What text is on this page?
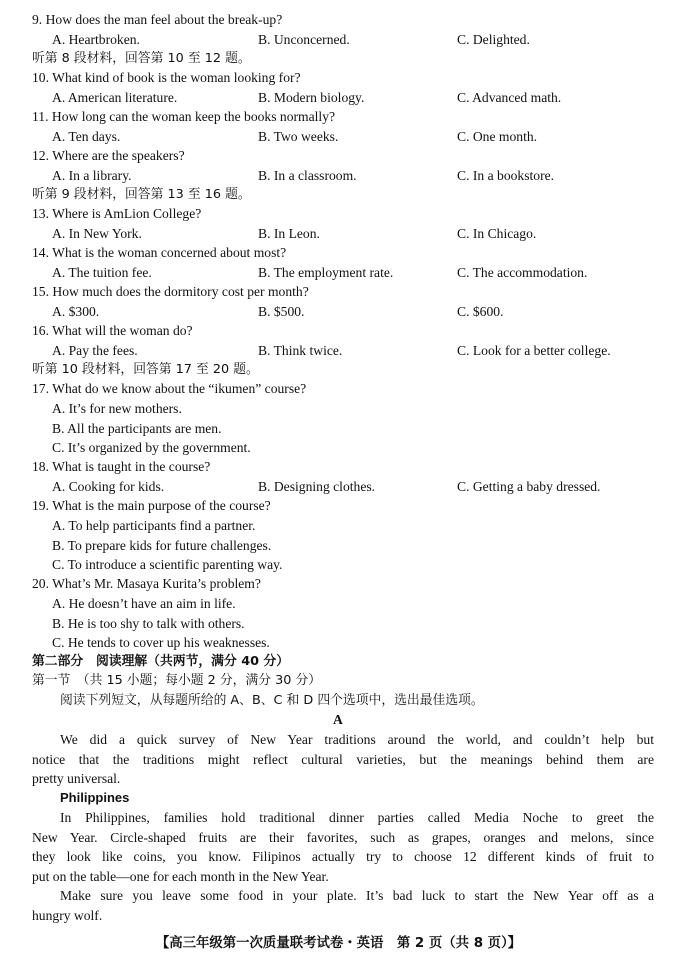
9. How does the man feel about the break-up?
A. Heartbroken.	B. Unconcerned.	C. Delighted.
听第 8 段材料，回答第 10 至 12 题。
10. What kind of book is the woman looking for?
A. American literature.	B. Modern biology.	C. Advanced math.
11. How long can the woman keep the books normally?
A. Ten days.	B. Two weeks.	C. One month.
12. Where are the speakers?
A. In a library.	B. In a classroom.	C. In a bookstore.
听第 9 段材料，回答第 13 至 16 题。
13. Where is AmLion College?
A. In New York.	B. In Leon.	C. In Chicago.
14. What is the woman concerned about most?
A. The tuition fee.	B. The employment rate.	C. The accommodation.
15. How much does the dormitory cost per month?
A. $300.	B. $500.	C. $600.
16. What will the woman do?
A. Pay the fees.	B. Think twice.	C. Look for a better college.
听第 10 段材料，回答第 17 至 20 题。
17. What do we know about the “ikumen” course?
A. It’s for new mothers.
B. All the participants are men.
C. It’s organized by the government.
18. What is taught in the course?
A. Cooking for kids.	B. Designing clothes.	C. Getting a baby dressed.
19. What is the main purpose of the course?
A. To help participants find a partner.
B. To prepare kids for future challenges.
C. To introduce a scientific parenting way.
20. What’s Mr. Masaya Kurita’s problem?
A. He doesn’t have an aim in life.
B. He is too shy to talk with others.
C. He tends to cover up his weaknesses.
第二部分　阅读理解（共两节，满分 40 分）
第一节　（共 15 小题；每小题 2 分，满分 30 分）
阅读下列短文，从每题所给的 A、B、C 和 D 四个选项中，选出最佳选项。
A
We did a quick survey of New Year traditions around the world, and couldn’t help but
notice that the traditions might reflect cultural varieties, but the meanings behind them are
pretty universal.
Philippines
In Philippines, families hold traditional dinner parties called Media Noche to greet the
New Year. Circle-shaped fruits are their favorites, such as grapes, oranges and melons, since
they look like coins, you know. Filipinos actually try to choose 12 different kinds of fruit to
put on the table—one for each month in the New Year.
Make sure you leave some food in your plate. It’s bad luck to start the New Year off as a
hungry wolf.
【高三年级第一次质量联考试卷・英语　第 2 页（共 8 页）】
